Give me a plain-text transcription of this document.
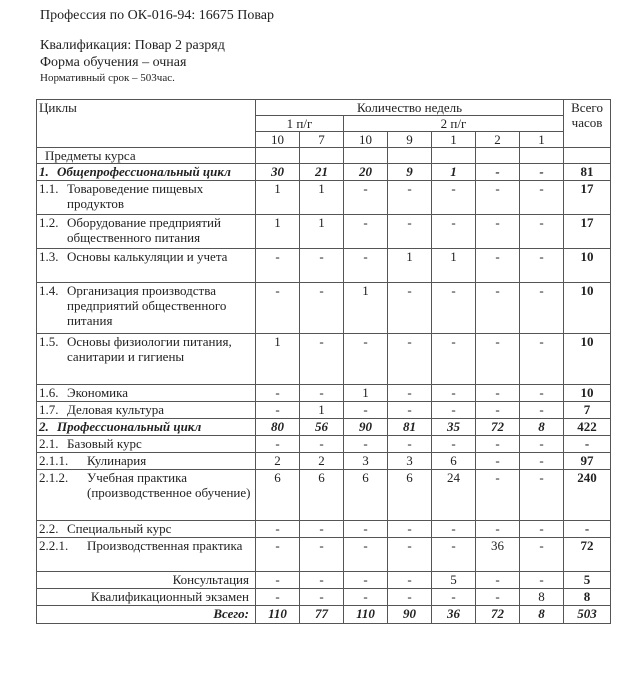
Профессия по ОК-016-94: 16675 Повар
Квалификация: Повар 2 разряд
Форма обучения – очная
Нормативный срок – 503час.
Циклы	Количество недель							Всего часов
	1 п/г		2 п/г					
	10	7	10	9	1	2	1	
Предметы курса								

1. Общепрофессиональный цикл	30	21	20	9	1	-	-	81

1.1. Товароведение пищевых продуктов	1	1	-	-	-	-	-	17

1.2. Оборудование предприятий общественного питания	1	1	-	-	-	-	-	17

1.3. Основы калькуляции и учета	-	-	-	1	1	-	-	10

1.4. Организация производства предприятий общественного питания	-	-	1	-	-	-	-	10

1.5. Основы физиологии питания, санитарии и гигиены	1	-	-	-	-	-	-	10

1.6. Экономика	-	-	1	-	-	-	-	10

1.7. Деловая культура	-	1	-	-	-	-	-	7

2. Профессиональный цикл	80	56	90	81	35	72	8	422

2.1. Базовый курс	-	-	-	-	-	-	-	-

2.1.1. Кулинария	2	2	3	3	6	-	-	97

2.1.2. Учебная практика (производственное обучение)	6	6	6	6	24	-	-	240

2.2. Специальный курс	-	-	-	-	-	-	-	-

2.2.1. Производственная практика	-	-	-	-	-	36	-	72
Консультация	-	-	-	-	5	-	-	5
Квалификационный экзамен	-	-	-	-	-	-	8	8
Всего:	110	77	110	90	36	72	8	503
